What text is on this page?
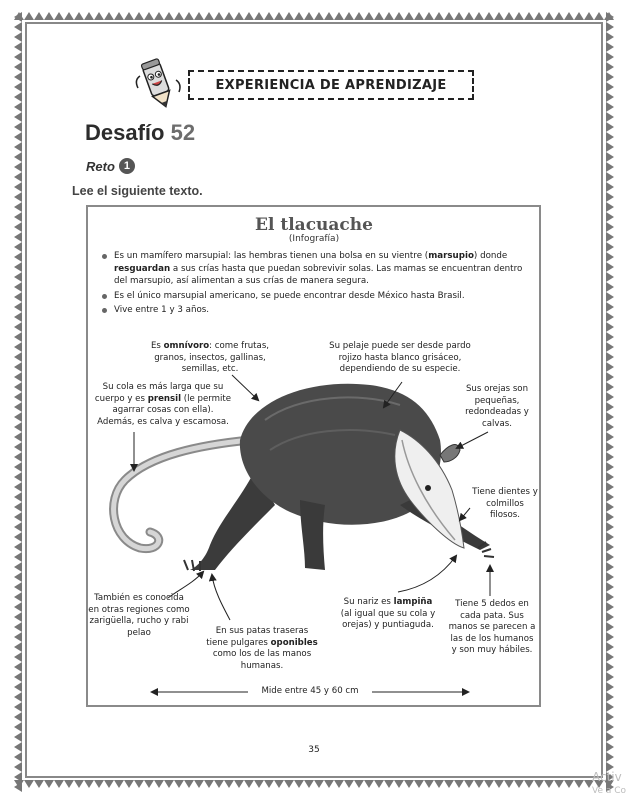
EXPERIENCIA DE APRENDIZAJE
Desafío 52
Reto 1
Lee el siguiente texto.
El tlacuache
(Infografía)
Es un mamífero marsupial: las hembras tienen una bolsa en su vientre (marsupio) donde resguardan a sus crías hasta que puedan sobrevivir solas. Las mamas se encuentran dentro del marsupio, así alimentan a sus crías de manera segura.
Es el único marsupial americano, se puede encontrar desde México hasta Brasil.
Vive entre 1 y 3 años.
Es omnívoro: come frutas, granos, insectos, gallinas, semillas, etc.
Su pelaje puede ser desde pardo rojizo hasta blanco grisáceo, dependiendo de su especie.
Su cola es más larga que su cuerpo y es prensil (le permite agarrar cosas con ella). Además, es calva y escamosa.
Sus orejas son pequeñas, redondeadas y calvas.
Tiene dientes y colmillos filosos.
También es conocida en otras regiones como zarigüella, rucho y rabi pelao	En sus patas traseras tiene pulgares oponibles como los de las manos humanas.
Su nariz es lampiña (al igual que su cola y orejas) y puntiaguda.
Tiene 5 dedos en cada pata. Sus manos se parecen a las de los humanos y son muy hábiles.
Mide entre 45 y 60 cm
35
Activ
Ve a Co
